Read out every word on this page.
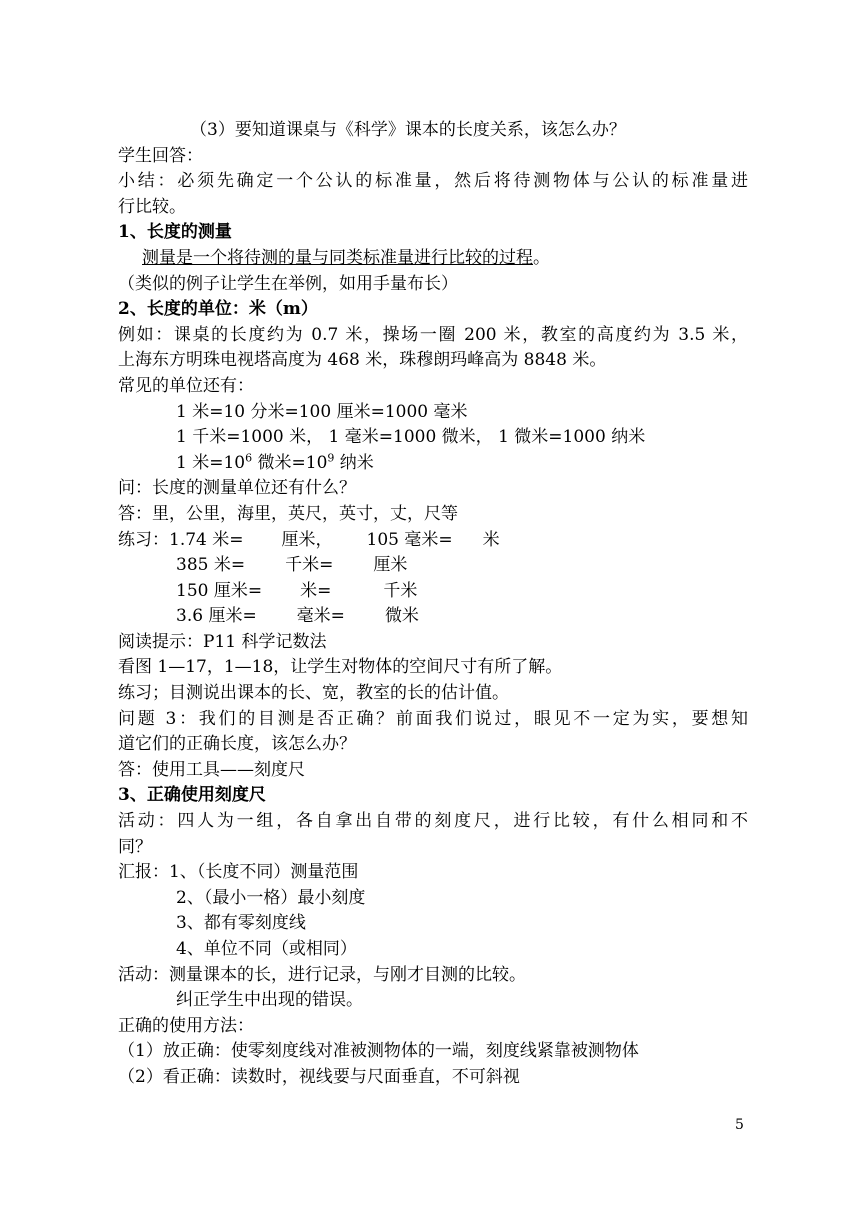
（3）要知道课桌与《科学》课本的长度关系，该怎么办？
学生回答：
小结：必须先确定一个公认的标准量，然后将待测物体与公认的标准量进
行比较。
1、长度的测量
测量是一个将待测的量与同类标准量进行比较的过程。
（类似的例子让学生在举例，如用手量布长）
2、长度的单位：米（m）
例如：课桌的长度约为 0.7 米，操场一圈 200 米，教室的高度约为 3.5 米，
上海东方明珠电视塔高度为 468 米，珠穆朗玛峰高为 8848 米。
常见的单位还有：
1 米=10 分米=100 厘米=1000 毫米
1 千米=1000 米， 1 毫米=1000 微米， 1 微米=1000 纳米
1 米$=10^6$ 微米$=10^9$ 纳米
问：长度的测量单位还有什么？
答：里，公里，海里，英尺，英寸，丈，尺等
练习：1.74 米= 厘米， 105 毫米= 米
385 米= 千米= 厘米
150 厘米= 米=	千米
3.6 厘米= 毫米= 微米
阅读提示：P11 科学记数法
看图 1—17，1—18，让学生对物体的空间尺寸有所了解。
练习；目测说出课本的长、宽，教室的长的估计值。
问题 3：我们的目测是否正确？前面我们说过，眼见不一定为实，要想知
道它们的正确长度，该怎么办？
答：使用工具——刻度尺
3、正确使用刻度尺
活动：四人为一组，各自拿出自带的刻度尺，进行比较，有什么相同和不
同？
汇报：1、（长度不同）测量范围
2、（最小一格）最小刻度
3、都有零刻度线
4、单位不同（或相同）
活动：测量课本的长，进行记录，与刚才目测的比较。
纠正学生中出现的错误。
正确的使用方法：
（1）放正确：使零刻度线对准被测物体的一端，刻度线紧靠被测物体
（2）看正确：读数时，视线要与尺面垂直，不可斜视
5
